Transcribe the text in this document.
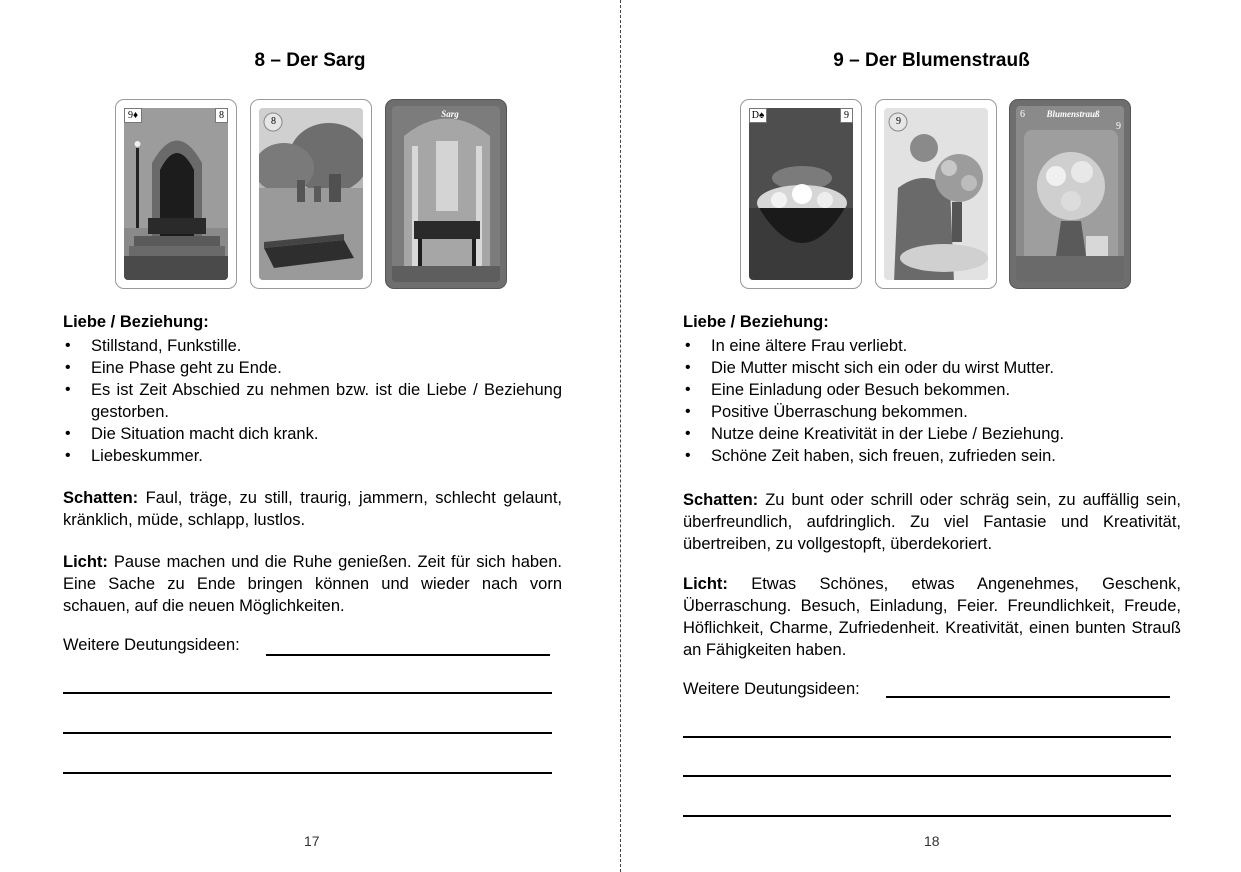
8 – Der Sarg
9♦	8
8
Sarg

Liebe / Beziehung:

• Stillstand, Funkstille.
• Eine Phase geht zu Ende.
• Es ist Zeit Abschied zu nehmen bzw. ist die Liebe / Beziehung gestorben.
• Die Situation macht dich krank.
• Liebeskummer.

Schatten: Faul, träge, zu still, traurig, jammern, schlecht gelaunt, kränklich, müde, schlapp, lustlos.

Licht: Pause machen und die Ruhe genießen. Zeit für sich haben. Eine Sache zu Ende bringen können und wieder nach vorn schauen, auf die neuen Möglichkeiten.

Weitere Deutungsideen:
17
9 – Der Blumenstrauß
D♠	9
9
6	Blumenstrauß
9

Liebe / Beziehung:

• In eine ältere Frau verliebt.
• Die Mutter mischt sich ein oder du wirst Mutter.
• Eine Einladung oder Besuch bekommen.
• Positive Überraschung bekommen.
• Nutze deine Kreativität in der Liebe / Beziehung.
• Schöne Zeit haben, sich freuen, zufrieden sein.

Schatten: Zu bunt oder schrill oder schräg sein, zu auffällig sein, überfreundlich, aufdringlich. Zu viel Fantasie und Kreativität, übertreiben, zu vollgestopft, überdekoriert.

Licht: Etwas Schönes, etwas Angenehmes, Geschenk, Überraschung. Besuch, Einladung, Feier. Freundlichkeit, Freude, Höflichkeit, Charme, Zufriedenheit. Kreativität, einen bunten Strauß an Fähigkeiten haben.

Weitere Deutungsideen:
18
